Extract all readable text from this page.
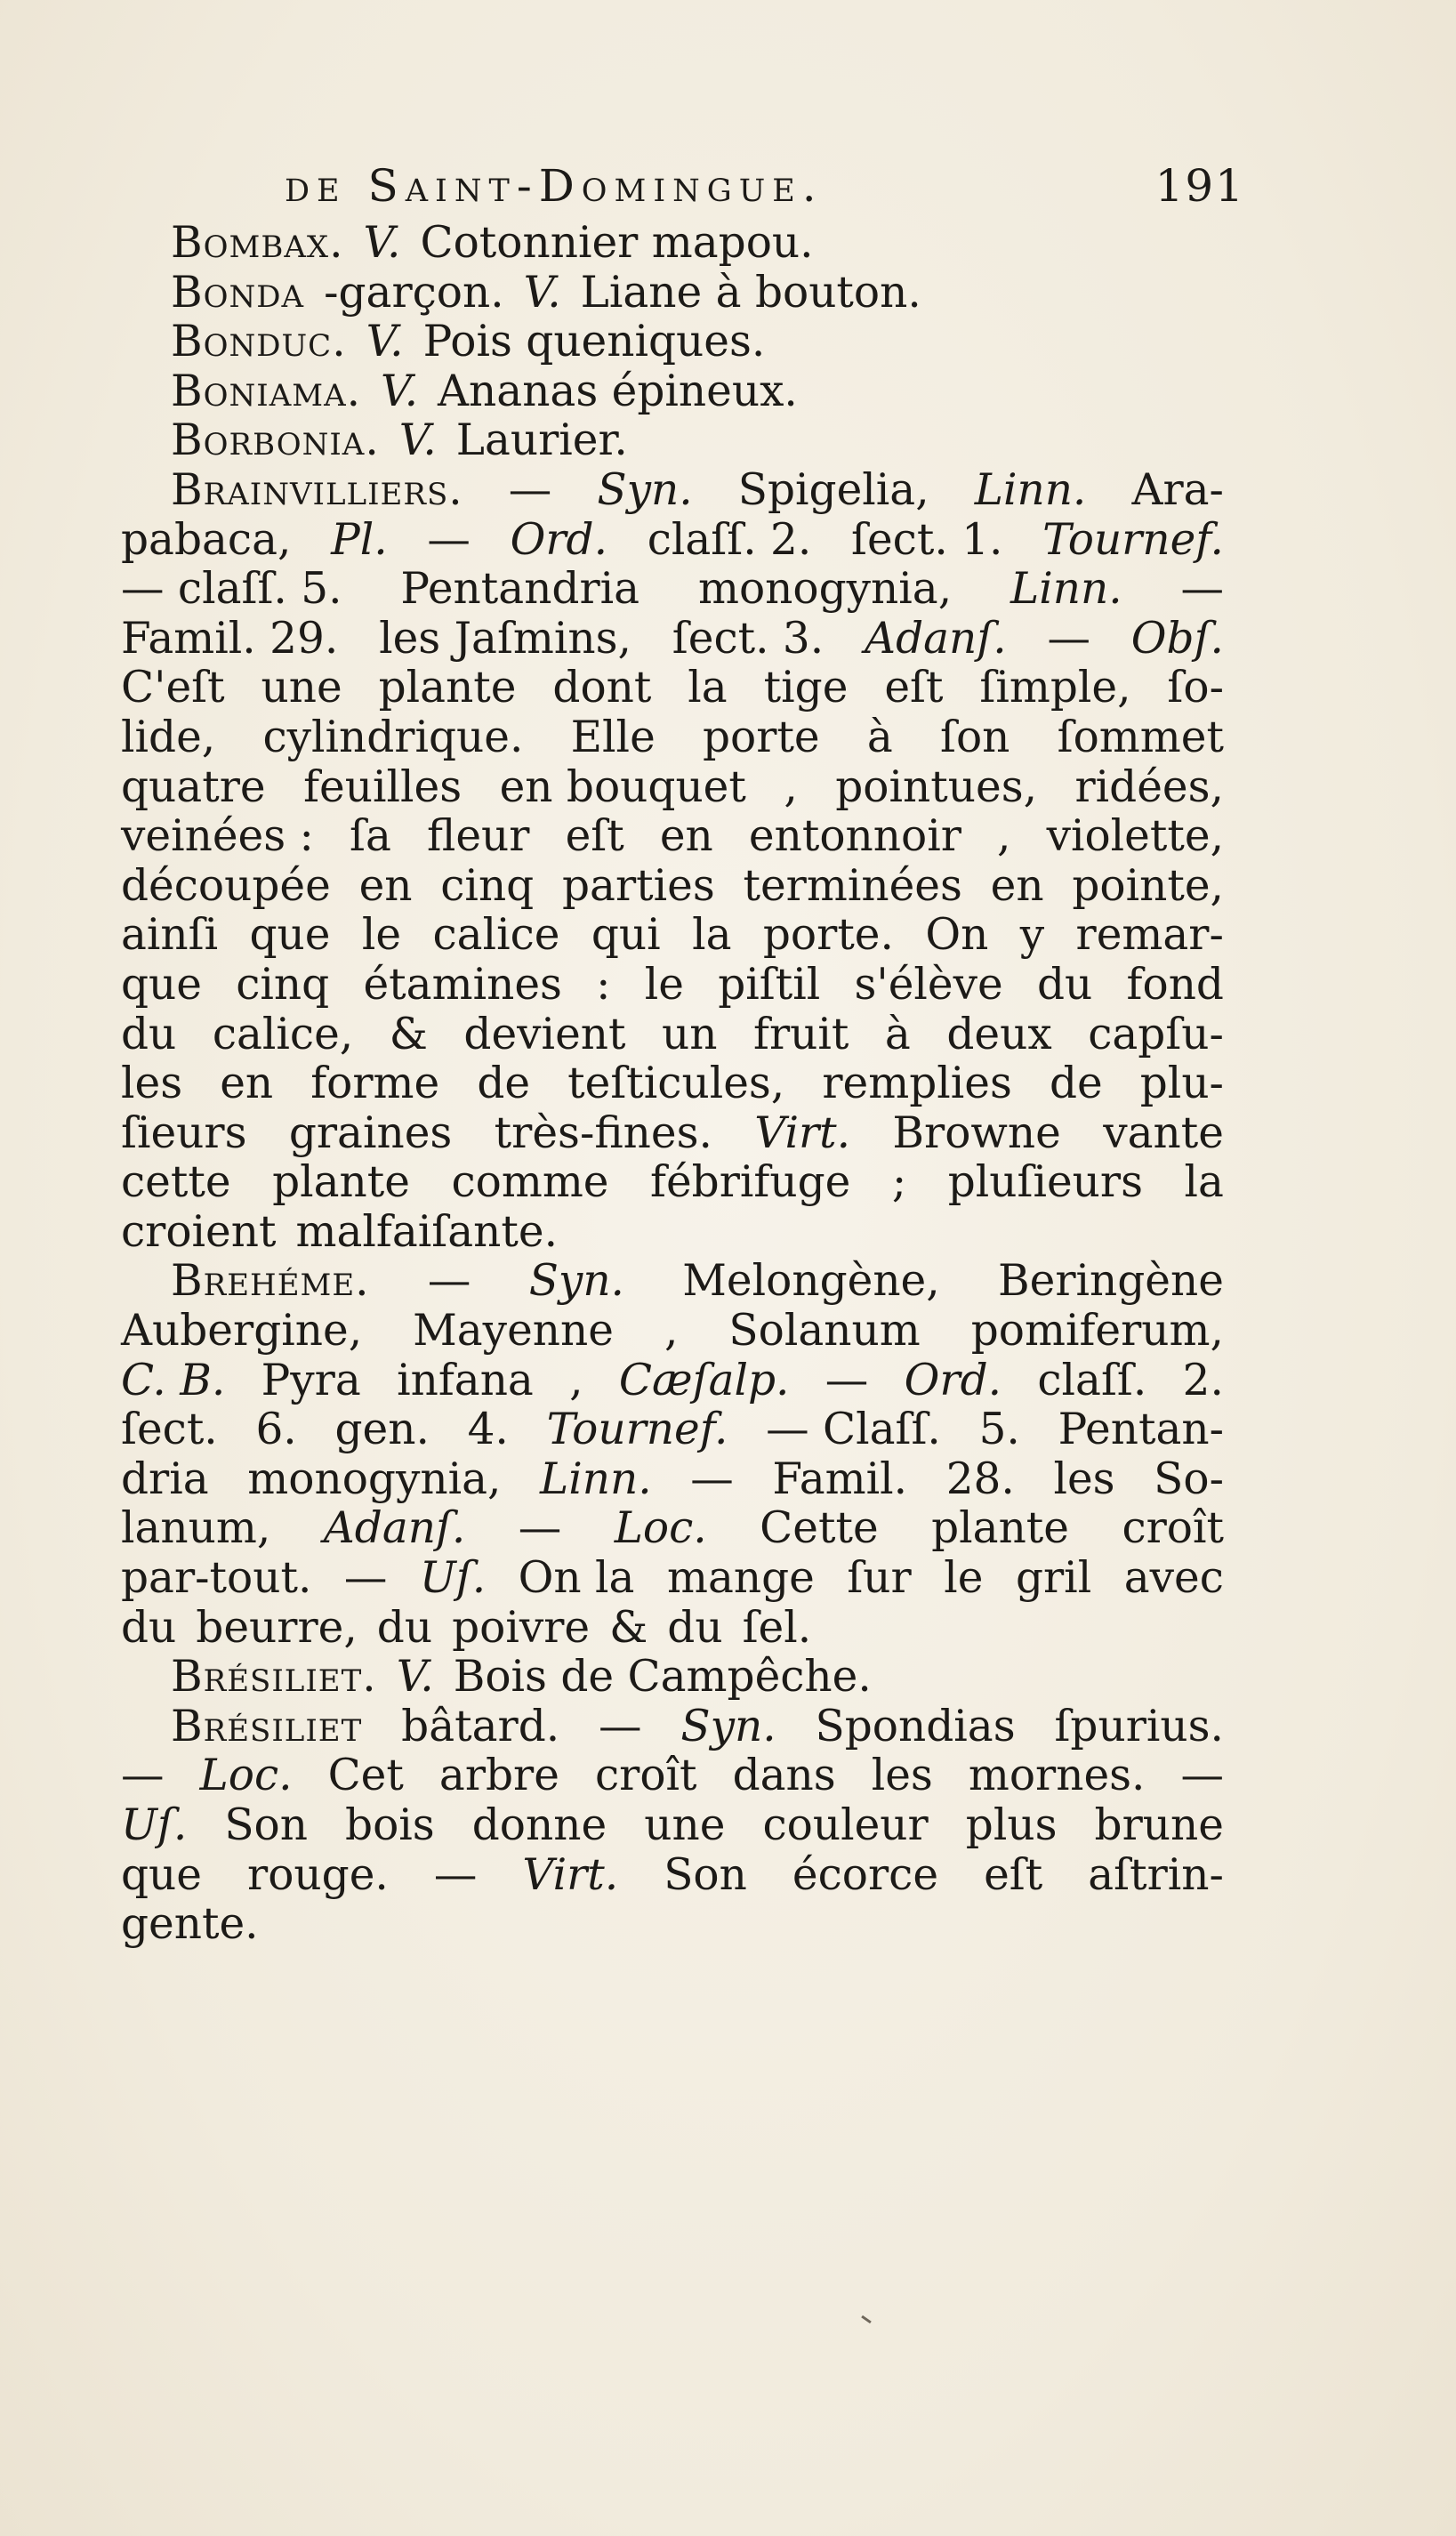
de Saint-Domingue.	191
Bombax. V. Cotonnier mapou.
Bonda -garçon. V. Liane à bouton.
Bonduc. V. Pois queniques.
Boniama. V. Ananas épineux.
Borbonia. V. Laurier.
Brainvilliers. — Syn. Spigelia, Linn. Ara-
pabaca, Pl. — Ord. claſſ. 2. ſect. 1. Tournef.
— claſſ. 5. Pentandria monogynia, Linn. —
Famil. 29. les Jaſmins, ſect. 3. Adanſ. — Obſ.
C'eſt une plante dont la tige eſt ſimple, ſo-
lide, cylindrique. Elle porte à ſon ſommet
quatre feuilles en bouquet , pointues, ridées,
veinées : ſa fleur eſt en entonnoir , violette,
découpée en cinq parties terminées en pointe,
ainſi que le calice qui la porte. On y remar-
que cinq étamines : le piſtil s'élève du fond
du calice, & devient un fruit à deux capſu-
les en forme de teſticules, remplies de plu-
ſieurs graines très-fines. Virt. Browne vante
cette plante comme fébrifuge ; pluſieurs la
croient malfaiſante.
Brehéme. — Syn. Melongène, Beringène
Aubergine, Mayenne , Solanum pomiferum,
C. B. Pyra infana , Cæſalp. — Ord. claſſ. 2.
ſect. 6. gen. 4. Tournef. — Claſſ. 5. Pentan-
dria monogynia, Linn. — Famil. 28. les So-
lanum, Adanſ. — Loc. Cette plante croît
par-tout. — Uſ. On la mange ſur le gril avec
du beurre, du poivre & du ſel.
Brésiliet. V. Bois de Campêche.
Brésiliet bâtard. — Syn. Spondias ſpurius.
— Loc. Cet arbre croît dans les mornes. —
Uſ. Son bois donne une couleur plus brune
que rouge. — Virt. Son écorce eſt aſtrin-
gente.
